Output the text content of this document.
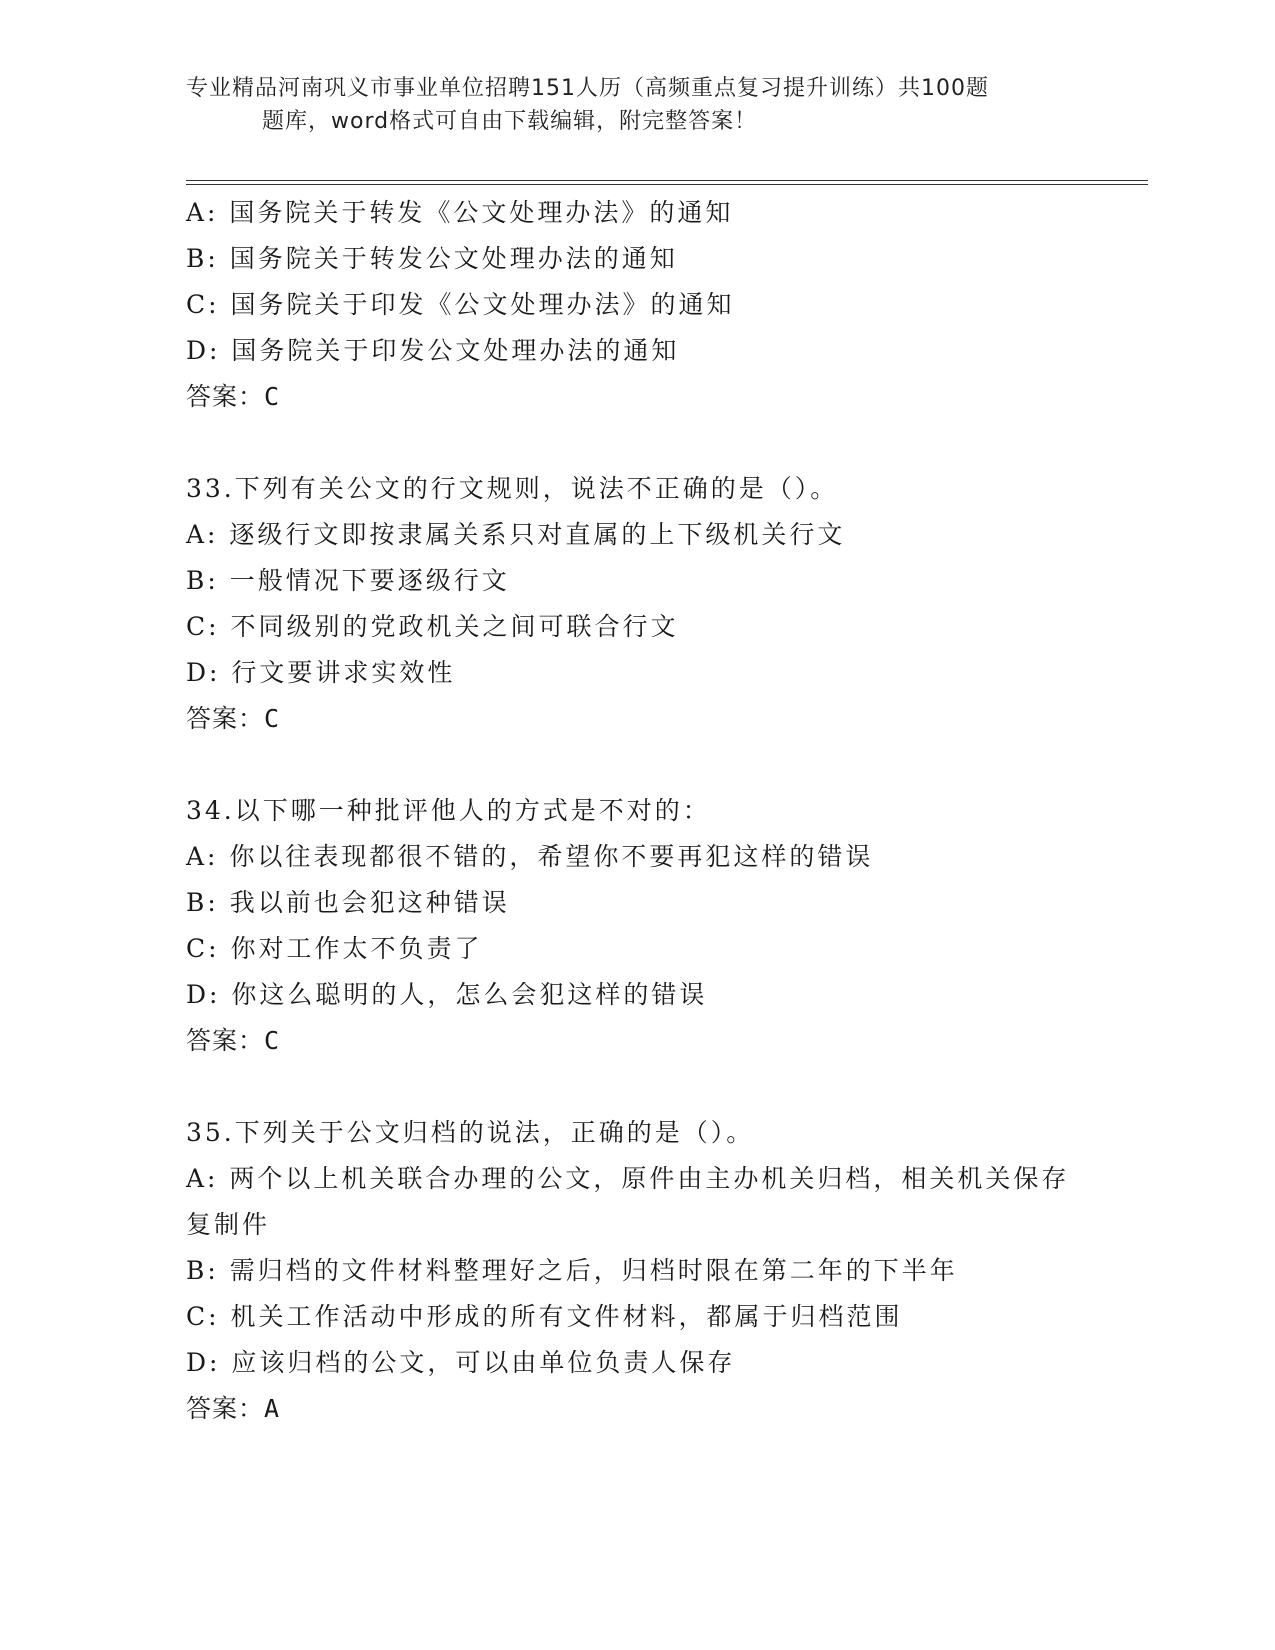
专业精品河南巩义市事业单位招聘151人历（高频重点复习提升训练）共100题
题库，word格式可自由下载编辑，附完整答案！
A: 国务院关于转发《公文处理办法》的通知
B: 国务院关于转发公文处理办法的通知
C: 国务院关于印发《公文处理办法》的通知
D: 国务院关于印发公文处理办法的通知
答案：C
33.下列有关公文的行文规则，说法不正确的是（）。
A: 逐级行文即按隶属关系只对直属的上下级机关行文
B: 一般情况下要逐级行文
C: 不同级别的党政机关之间可联合行文
D: 行文要讲求实效性
答案：C
34.以下哪一种批评他人的方式是不对的：
A: 你以往表现都很不错的，希望你不要再犯这样的错误
B: 我以前也会犯这种错误
C: 你对工作太不负责了
D: 你这么聪明的人，怎么会犯这样的错误
答案：C
35.下列关于公文归档的说法，正确的是（）。
A: 两个以上机关联合办理的公文，原件由主办机关归档，相关机关保存复制件
B: 需归档的文件材料整理好之后，归档时限在第二年的下半年
C: 机关工作活动中形成的所有文件材料，都属于归档范围
D: 应该归档的公文，可以由单位负责人保存
答案：A
